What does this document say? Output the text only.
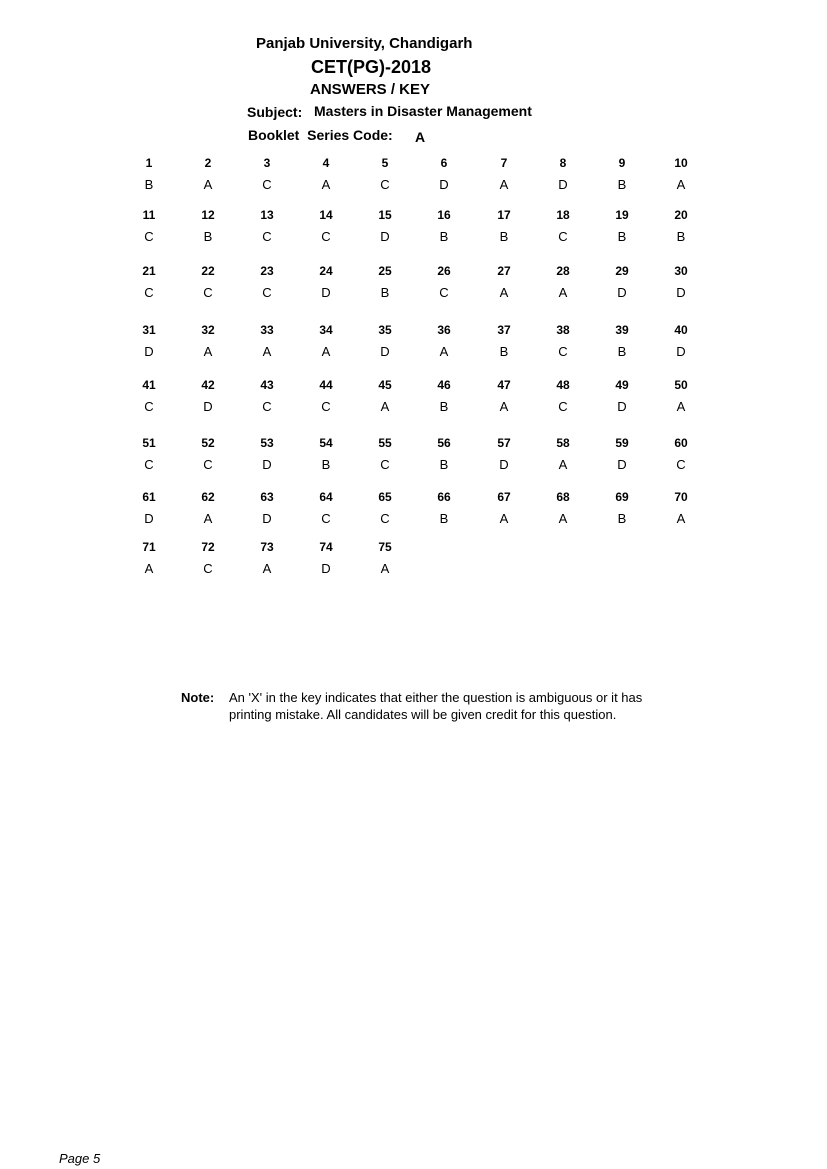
Panjab University, Chandigarh
CET(PG)-2018
ANSWERS / KEY
Subject: Masters in Disaster Management
Booklet  Series Code: A
1
B
2
A
3
C
4
A
5
C
6
D
7
A
8
D
9
B
10
A
11
C
12
B
13
C
14
C
15
D
16
B
17
B
18
C
19
B
20
B
21
C
22
C
23
C
24
D
25
B
26
C
27
A
28
A
29
D
30
D
31
D
32
A
33
A
34
A
35
D
36
A
37
B
38
C
39
B
40
D
41
C
42
D
43
C
44
C
45
A
46
B
47
A
48
C
49
D
50
A
51
C
52
C
53
D
54
B
55
C
56
B
57
D
58
A
59
D
60
C
61
D
62
A
63
D
64
C
65
C
66
B
67
A
68
A
69
B
70
A
71
A
72
C
73
A
74
D
75
A
Note: An 'X' in the key indicates that either the question is ambiguous or it has
printing mistake. All candidates will be given credit for this question.
Page 5
